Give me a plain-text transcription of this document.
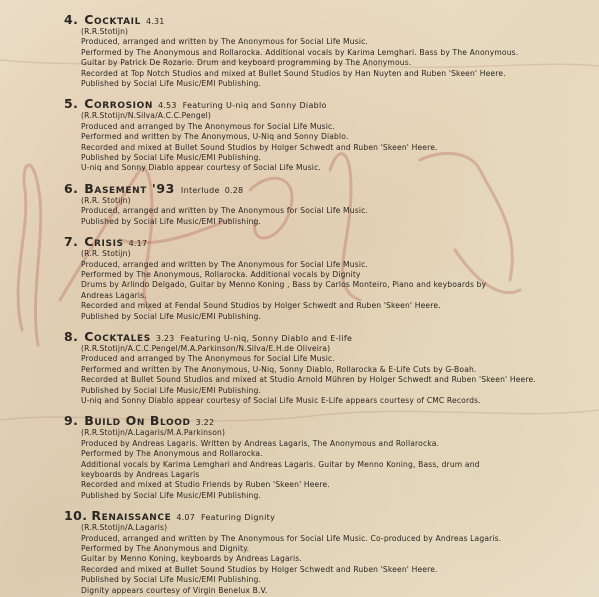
4. Cocktail 4.31
(R.R.Stotijn)
Produced, arranged and written by The Anonymous for Social Life Music.
Performed by The Anonymous and Rollarocka. Additional vocals by Karima Lemghari. Bass by The Anonymous.
Guitar by Patrick De Rozario. Drum and keyboard programming by The Anonymous.
Recorded at Top Notch Studios and mixed at Bullet Sound Studios by Han Nuyten and Ruben 'Skeen' Heere.
Published by Social Life Music/EMI Publishing.
5. Corrosion 4.53 Featuring U-niq and Sonny Diablo
(R.R.Stotijn/N.Silva/A.C.C.Pengel)
Produced and arranged by The Anonymous for Social Life Music.
Performed and written by The Anonymous, U-Niq and Sonny Diablo.
Recorded and mixed at Bullet Sound Studios by Holger Schwedt and Ruben 'Skeen' Heere.
Published by Social Life Music/EMI Publishing.
U-niq and Sonny Diablo appear courtesy of Social Life Music.
6. Basement '93 Interlude 0.28
(R.R. Stotijn)
Produced, arranged and written by The Anonymous for Social Life Music.
Published by Social Life Music/EMI Publishing.
7. Crisis 4.17
(R.R. Stotijn)
Produced, arranged and written by The Anonymous for Social Life Music.
Performed by The Anonymous, Rollarocka. Additional vocals by Dignity
Drums by Arlindo Delgado, Guitar by Menno Koning , Bass by Carlos Monteiro, Piano and keyboards by
Andreas Lagaris.
Recorded and mixed at Fendal Sound Studios by Holger Schwedt and Ruben 'Skeen' Heere.
Published by Social Life Music/EMI Publishing.
8. Cocktales 3.23 Featuring U-niq, Sonny Diablo and E-life
(R.R.Stotijn/A.C.C.Pengel/M.A.Parkinson/N.Silva/E.H.de Oliveira)
Produced and arranged by The Anonymous for Social Life Music.
Performed and written by The Anonymous, U-Niq, Sonny Diablo, Rollarocka & E-Life Cuts by G-Boah.
Recorded at Bullet Sound Studios and mixed at Studio Arnold Mühren by Holger Schwedt and Ruben 'Skeen' Heere.
Published by Social Life Music/EMI Publishing.
U-niq and Sonny Diablo appear courtesy of Social Life Music E-Life appears courtesy of CMC Records.
9. Build On Blood 3.22
(R.R.Stotijn/A.Lagaris/M.A.Parkinson)
Produced by Andreas Lagaris. Written by Andreas Lagaris, The Anonymous and Rollarocka.
Performed by The Anonymous and Rollarocka.
Additional vocals by Karima Lemghari and Andreas Lagaris. Guitar by Menno Koning, Bass, drum and
keyboards by Andreas Lagaris
Recorded and mixed at Studio Friends by Ruben 'Skeen' Heere.
Published by Social Life Music/EMI Publishing.
10. Renaissance 4.07 Featuring Dignity
(R.R.Stotijn/A.Lagaris)
Produced, arranged and written by The Anonymous for Social Life Music. Co-produced by Andreas Lagaris.
Performed by The Anonymous and Dignity.
Guitar by Menno Koning, keyboards by Andreas Lagaris.
Recorded and mixed at Bullet Sound Studios by Holger Schwedt and Ruben 'Skeen' Heere.
Published by Social Life Music/EMI Publishing.
Dignity appears courtesy of Virgin Benelux B.V.
